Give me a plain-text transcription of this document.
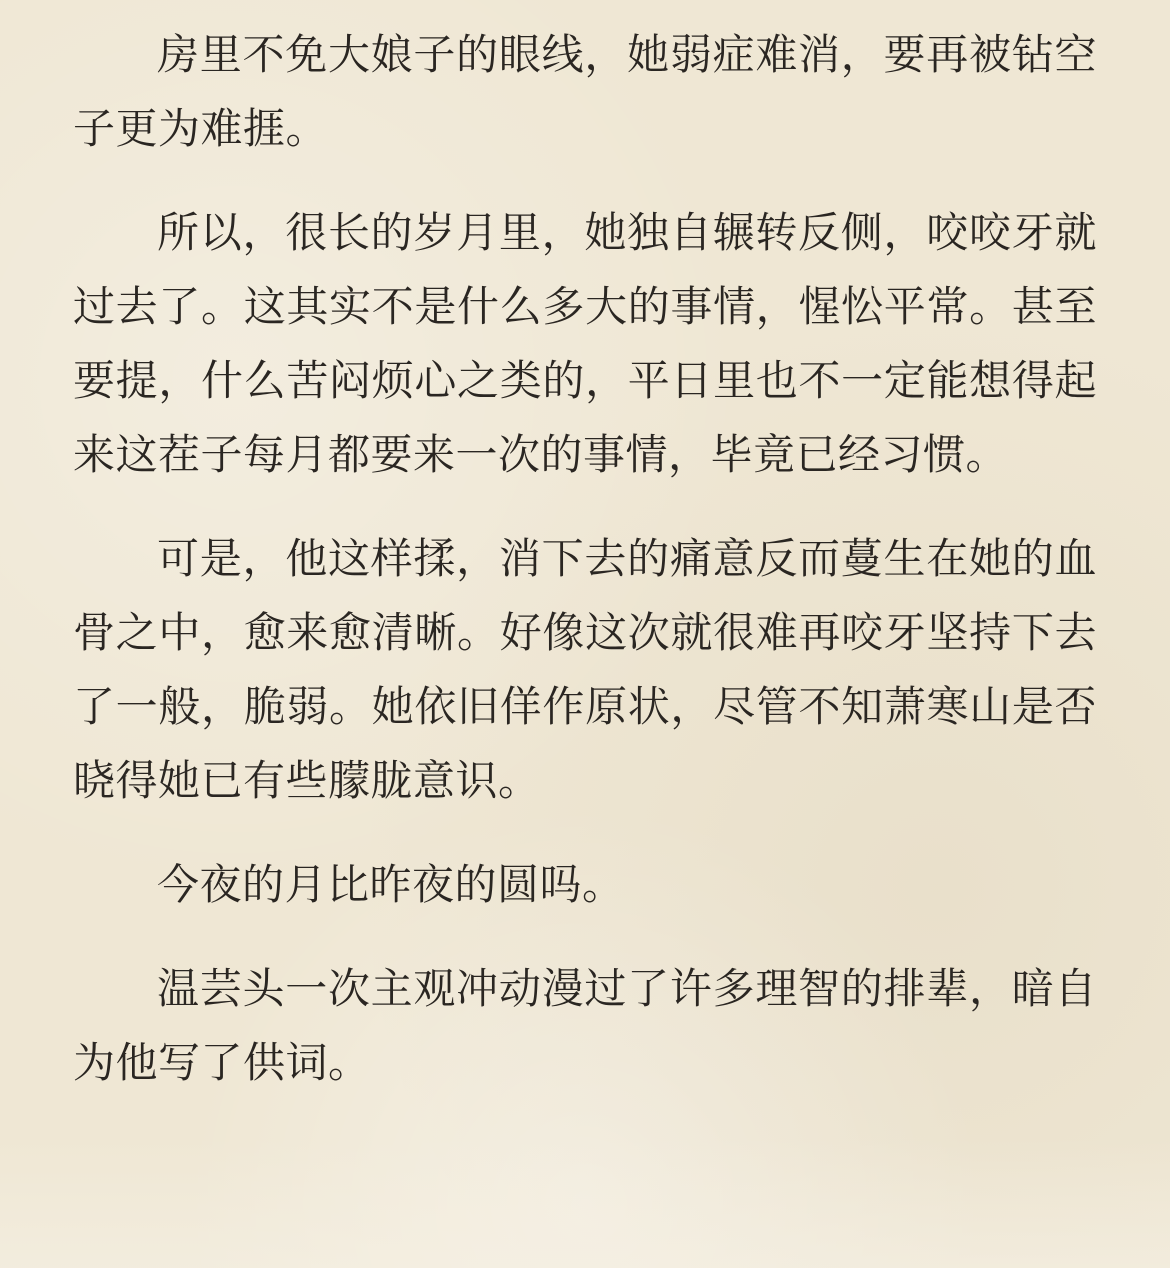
房里不免大娘子的眼线，她弱症难消，要再被钻空子更为难捱。

所以，很长的岁月里，她独自辗转反侧，咬咬牙就过去了。这其实不是什么多大的事情，惺忪平常。甚至要提，什么苦闷烦心之类的，平日里也不一定能想得起来这茬子每月都要来一次的事情，毕竟已经习惯。

可是，他这样揉，消下去的痛意反而蔓生在她的血骨之中，愈来愈清晰。好像这次就很难再咬牙坚持下去了一般，脆弱。她依旧佯作原状，尽管不知萧寒山是否晓得她已有些朦胧意识。

今夜的月比昨夜的圆吗。

温芸头一次主观冲动漫过了许多理智的排辈，暗自为他写了供词。
